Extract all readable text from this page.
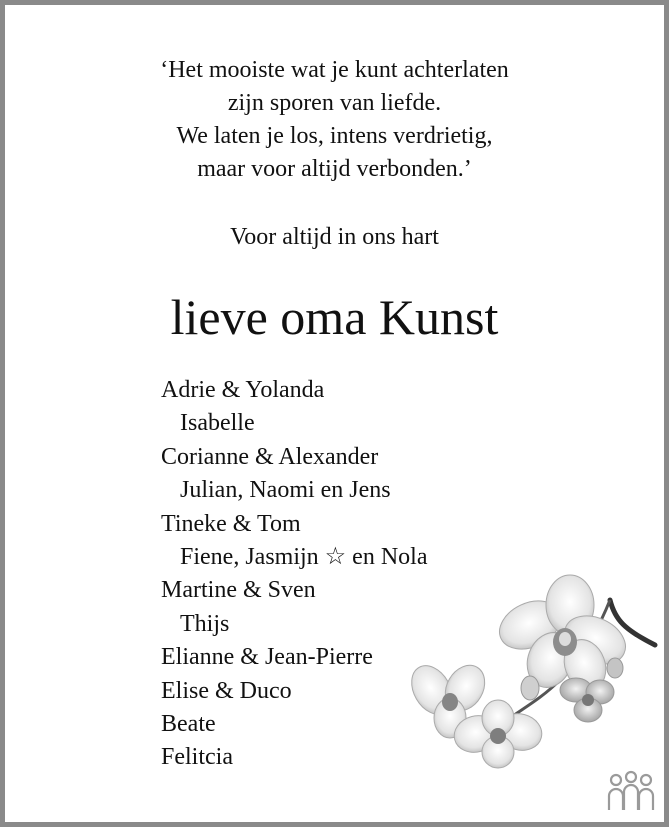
‘Het mooiste wat je kunt achterlaten
zijn sporen van liefde.
We laten je los, intens verdrietig,
maar voor altijd verbonden.’
Voor altijd in ons hart
lieve oma Kunst
Adrie & Yolanda
Isabelle
Corianne & Alexander
Julian, Naomi en Jens
Tineke & Tom
Fiene, Jasmijn ☆ en Nola
Martine & Sven
Thijs
Elianne & Jean-Pierre
Elise & Duco
Beate
Felitcia
